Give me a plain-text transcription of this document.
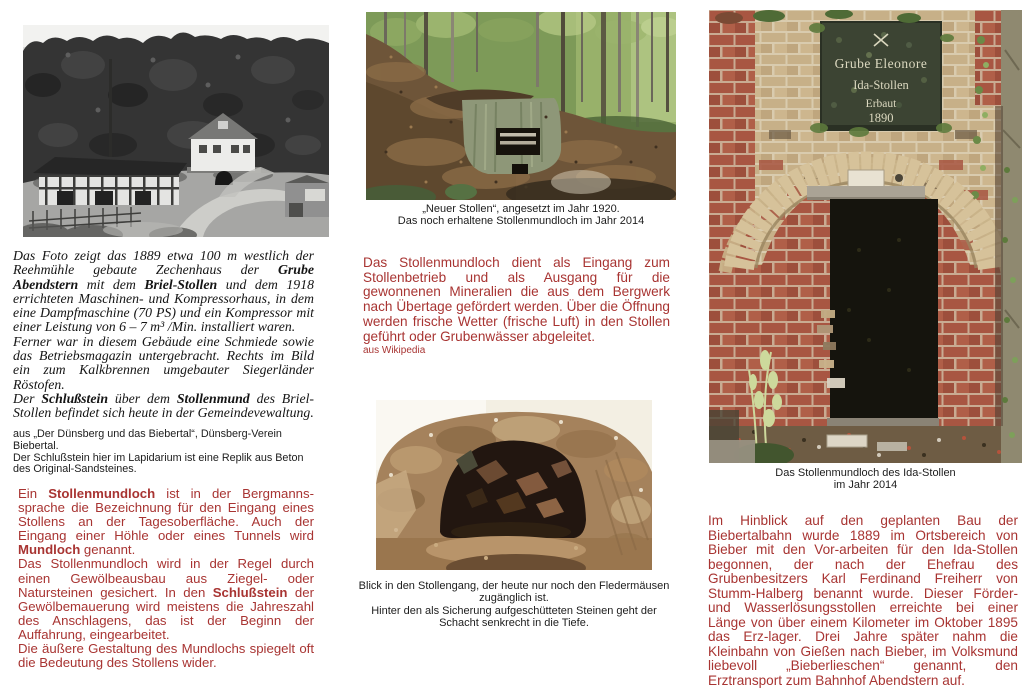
Das Foto zeigt das 1889 etwa 100 m westlich der Reehmühle gebaute Zechenhaus der Grube Abendstern mit dem Briel-Stollen und dem 1918 errichteten Maschinen- und Kompressorhaus, in dem eine Dampfmaschine (70 PS) und ein Kompressor mit einer Leistung von 6 – 7 m³ /Min. installiert waren.

Ferner war in diesem Gebäude eine Schmiede sowie das Betriebsmagazin untergebracht. Rechts im Bild ein zum Kalkbrennen umgebauter Siegerländer Röstofen.

Der Schlußstein über dem Stollenmund des Briel-Stollen befindet sich heute in der Gemeindevewaltung.

aus „Der Dünsberg und das Biebertal“, Dünsberg-Verein Biebertal.
Der Schlußstein hier im Lapidarium ist eine Replik aus Beton des Original-Sandsteines.

Ein Stollenmundloch ist in der Bergmanns-sprache die Bezeichnung für den Eingang eines Stollens an der Tagesoberfläche. Auch der Eingang einer Höhle oder eines Tunnels wird Mundloch genannt.

Das Stollenmundloch wird in der Regel durch einen Gewölbeausbau aus Ziegel- oder Natursteinen gesichert. In den Schlußstein der Gewölbemauerung wird meistens die Jahreszahl des Anschlagens, das ist der Beginn der Auffahrung, eingearbeitet.

Die äußere Gestaltung des Mundlochs spiegelt oft die Bedeutung des Stollens wider.

„Neuer Stollen“, angesetzt im Jahr 1920.
Das noch erhaltene Stollenmundloch im Jahr 2014

Das Stollenmundloch dient als Eingang zum Stollenbetrieb und als Ausgang für die gewonnenen Mineralien die aus dem Bergwerk nach Übertage gefördert werden. Über die Öffnung werden frische Wetter (frische Luft) in den Stollen geführt oder Grubenwässer abgeleitet.

aus Wikipedia
Blick in den Stollengang, der heute nur noch den Fledermäusen zugänglich ist.
Hinter den als Sicherung aufgeschütteten Steinen geht der Schacht senkrecht in die Tiefe.
Grube Eleonore
Ida-Stollen
Erbaut
1890
Das Stollenmundloch des Ida-Stollen
im Jahr 2014

Im Hinblick auf den geplanten Bau der Biebertalbahn wurde 1889 im Ortsbereich von Bieber mit den Vor-arbeiten für den Ida-Stollen begonnen, der nach der Ehefrau des Grubenbesitzers Karl Ferdinand Freiherr von Stumm-Halberg benannt wurde. Dieser Förder- und Wasserlösungsstollen erreichte bei einer Länge von über einem Kilometer im Oktober 1895 das Erz-lager. Drei Jahre später nahm die Kleinbahn von Gießen nach Bieber, im Volksmund liebevoll „Bieberlieschen“ genannt, den Erztransport zum Bahnhof Abendstern auf.
